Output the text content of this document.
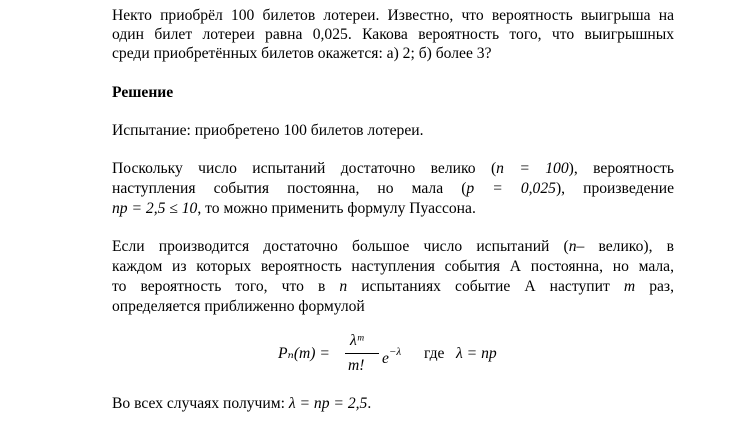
Некто приобрёл 100 билетов лотереи. Известно, что вероятность выигрыша на
один билет лотереи равна 0,025. Какова вероятность того, что выигрышных
среди приобретённых билетов окажется: а) 2; б) более 3?
Решение
Испытание: приобретено 100 билетов лотереи.
Поскольку число испытаний достаточно велико (n = 100), вероятность
наступления события постоянна, но мала (p = 0,025), произведение
np = 2,5 ≤ 10, то можно применить формулу Пуассона.
Если производится достаточно большое число испытаний (n– велико), в
каждом из которых вероятность наступления события А постоянна, но мала,
то вероятность того, что в n испытаниях событие А наступит m раз,
определяется приближенно формулой
Pₙ(m) =
λᵐ
m! $e^{-\lambda}$ где λ = np
Во всех случаях получим: λ = np = 2,5.
